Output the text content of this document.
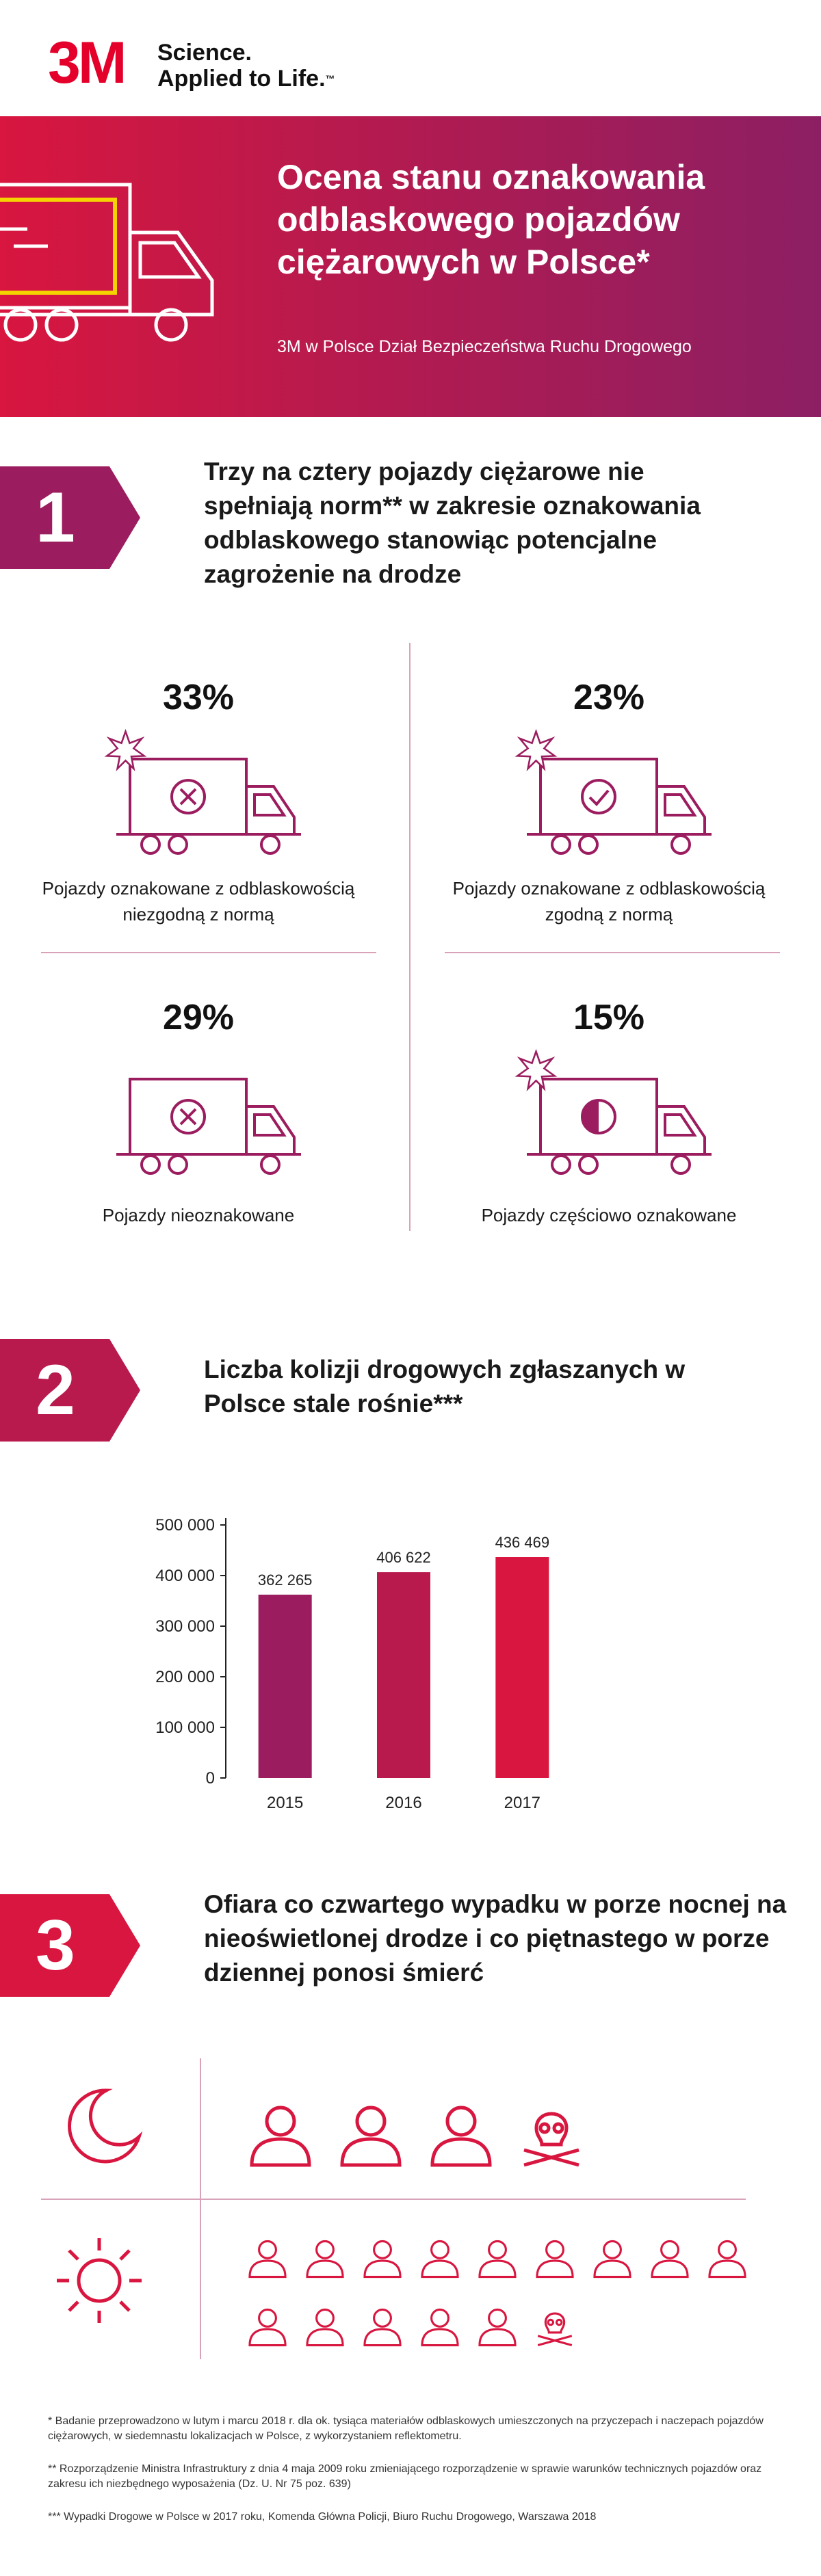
3M Science.
Applied to Life.™
Ocena stanu oznakowania odblaskowego pojazdów ciężarowych w Polsce*
3M w Polsce Dział Bezpieczeństwa Ruchu Drogowego
1
Trzy na cztery pojazdy ciężarowe nie spełniają norm** w zakresie oznakowania odblaskowego stanowiąc potencjalne zagrożenie na drodze
33%
Pojazdy oznakowane z odblaskowością niezgodną z normą
23%
Pojazdy oznakowane z odblaskowością zgodną z normą
29%
Pojazdy nieoznakowane
15%
Pojazdy częściowo oznakowane
2	Liczba kolizji drogowych zgłaszanych w Polsce stale rośnie***
0
100 000
200 000
300 000
400 000
500 000
362 265
2015
406 622
2016
436 469
2017
3
Ofiara co czwartego wypadku w porze nocnej na nieoświetlonej drodze i co piętnastego w porze dziennej ponosi śmierć

* Badanie przeprowadzono w lutym i marcu 2018 r. dla ok. tysiąca materiałów odblaskowych umieszczonych na przyczepach i naczepach pojazdów ciężarowych, w siedemnastu lokalizacjach w Polsce, z wykorzystaniem reflektometru.

** Rozporządzenie Ministra Infrastruktury z dnia 4 maja 2009 roku zmieniającego rozporządzenie w sprawie warunków technicznych pojazdów oraz zakresu ich niezbędnego wyposażenia (Dz. U. Nr 75 poz. 639)

*** Wypadki Drogowe w Polsce w 2017 roku, Komenda Główna Policji, Biuro Ruchu Drogowego, Warszawa 2018
